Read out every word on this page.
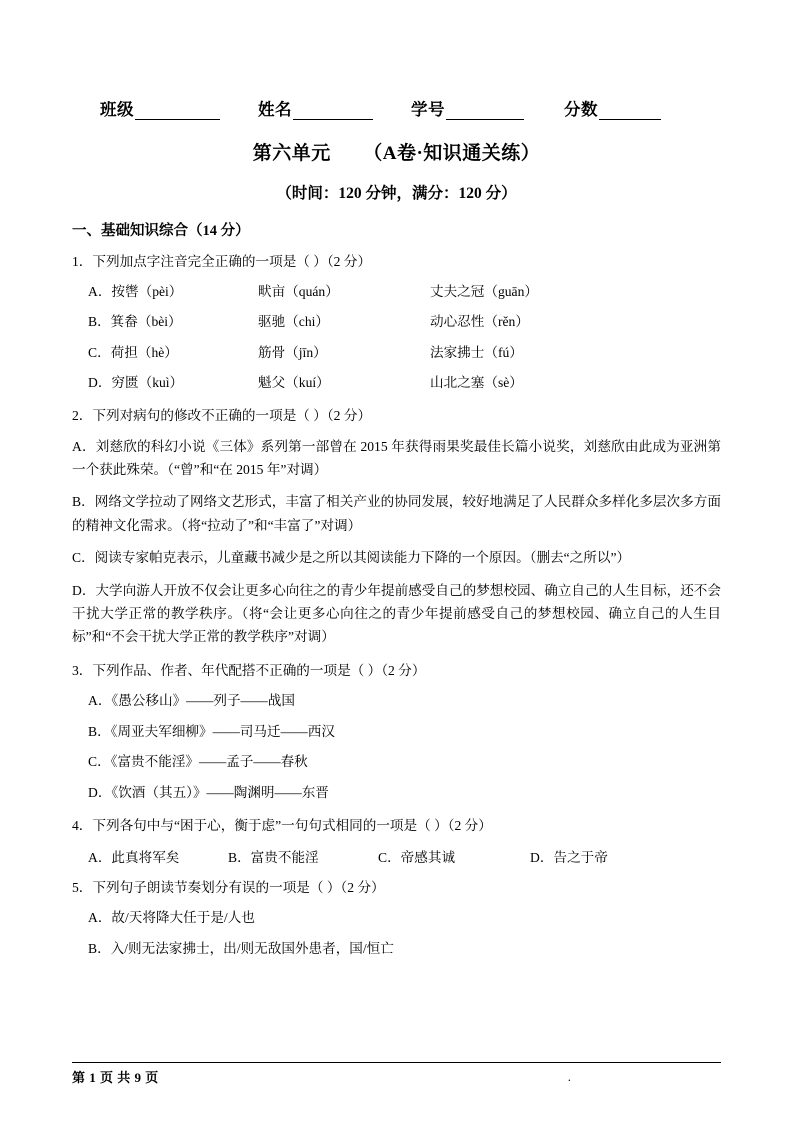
班级	姓名	学号	分数
第六单元 （A卷·知识通关练）
（时间：120 分钟，满分：120 分）
一、基础知识综合（14 分）
1．下列加点字注音完全正确的一项是（ ）（2 分）
A．按辔（pèi）	畎亩（quán）	丈夫之冠（guān）
B．箕畚（bèi）	驱驰（chi）	动心忍性（rěn）
C．荷担（hè）	筋骨（jīn）	法家拂士（fú）
D．穷匮（kuì）	魁父（kuí）	山北之塞（sè）
2．下列对病句的修改不正确的一项是（ ）（2 分）
A．刘慈欣的科幻小说《三体》系列第一部曾在 2015 年获得雨果奖最佳长篇小说奖，刘慈欣由此成为亚洲第一个获此殊荣。（“曾”和“在 2015 年”对调）
B．网络文学拉动了网络文艺形式，丰富了相关产业的协同发展，较好地满足了人民群众多样化多层次多方面的精神文化需求。（将“拉动了”和“丰富了”对调）
C．阅读专家帕克表示，儿童藏书减少是之所以其阅读能力下降的一个原因。（删去“之所以”）
D．大学向游人开放不仅会让更多心向往之的青少年提前感受自己的梦想校园、确立自己的人生目标，还不会干扰大学正常的教学秩序。（将“会让更多心向往之的青少年提前感受自己的梦想校园、确立自己的人生目标”和“不会干扰大学正常的教学秩序”对调）
3．下列作品、作者、年代配搭不正确的一项是（ ）（2 分）
A．《愚公移山》——列子——战国
B．《周亚夫军细柳》——司马迁——西汉
C．《富贵不能淫》——孟子——春秋
D．《饮酒（其五）》——陶渊明——东晋
4．下列各句中与“困于心，衡于虑”一句句式相同的一项是（ ）（2 分）
A．此真将军矣	B．富贵不能淫	C．帝感其诚	D．告之于帝
5．下列句子朗读节奏划分有误的一项是（ ）（2 分）
A．故/天将降大任于是/人也
B．入/则无法家拂士，出/则无敌国外患者，国/恒亡
第 1 页 共 9 页	.
